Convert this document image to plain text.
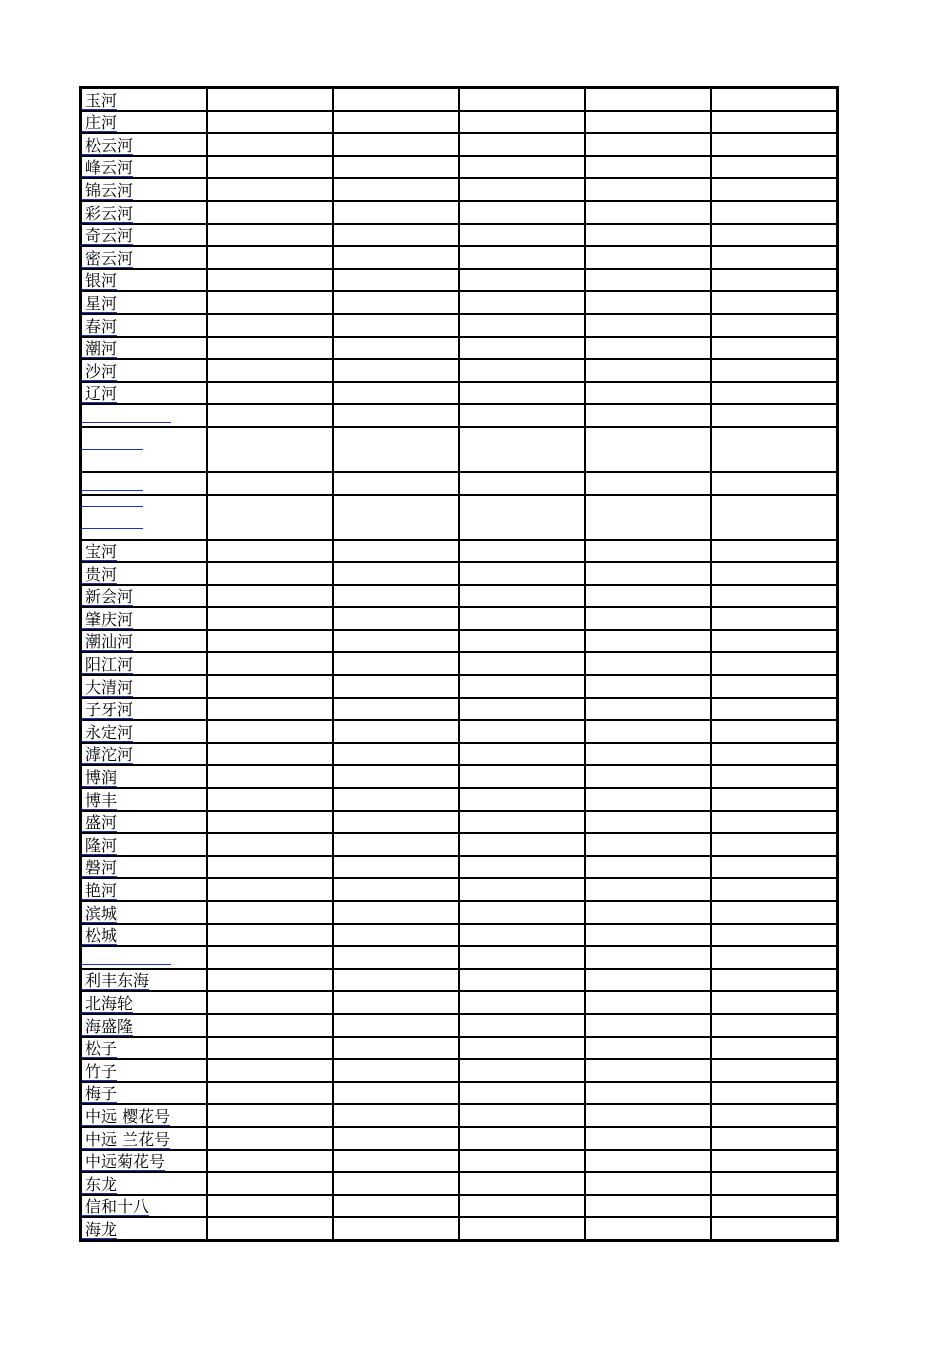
玉河					
庄河					
松云河					
峰云河					
锦云河					
彩云河					
奇云河					
密云河					
银河					
星河					
春河					
潮河					
沙河					
辽河					

宝河					
贵河					
新会河					
肇庆河					
潮汕河					
阳江河					
大清河					
子牙河					
永定河					
滹沱河					
博润					
博丰					
盛河					
隆河					
磐河					
艳河					
滨城					
松城					

利丰东海					
北海轮					
海盛隆					
松子					
竹子					
梅子					
中远 樱花号					
中远 兰花号					
中远菊花号					
东龙					
信和十八					
海龙					
